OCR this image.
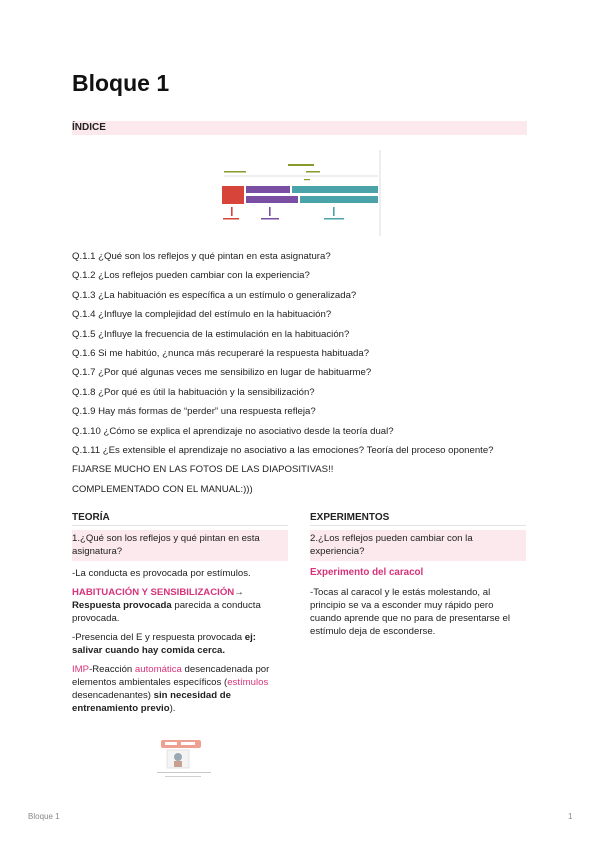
Bloque 1
ÍNDICE
Q.1.1 ¿Qué son los reflejos y qué pintan en esta asignatura?
Q.1.2 ¿Los reflejos pueden cambiar con la experiencia?
Q.1.3 ¿La habituación es específica a un estímulo o generalizada?
Q.1.4 ¿Influye la complejidad del estímulo en la habituación?
Q.1.5 ¿Influye la frecuencia de la estimulación en la habituación?
Q.1.6 Si me habitúo, ¿nunca más recuperaré la respuesta habituada?
Q.1.7 ¿Por qué algunas veces me sensibilizo en lugar de habituarme?
Q.1.8 ¿Por qué es útil la habituación y la sensibilización?
Q.1.9 Hay más formas de “perder” una respuesta refleja?
Q.1.10 ¿Cómo se explica el aprendizaje no asociativo desde la teoría dual?
Q.1.11 ¿Es extensible el aprendizaje no asociativo a las emociones? Teoría del proceso oponente?
FIJARSE MUCHO EN LAS FOTOS DE LAS DIAPOSITIVAS!!
COMPLEMENTADO CON EL MANUAL:)))
TEORÍA
1.¿Qué son los reflejos y qué pintan en esta asignatura?

-La conducta es provocada por estímulos.

HABITUACIÓN Y SENSIBILIZACIÓN→
Respuesta provocada parecida a conducta provocada.

-Presencia del E y respuesta provocada ej: salivar cuando hay comida cerca.

IMP-Reacción automática desencadenada por elementos ambientales específicos (estímulos desencadenantes) sin necesidad de entrenamiento previo).

EXPERIMENTOS
2.¿Los reflejos pueden cambiar con la experiencia?
Experimento del caracol

-Tocas al caracol y le estás molestando, al principio se va a esconder muy rápido pero cuando aprende que no para de presentarse el estímulo deja de esconderse.

Bloque 1	1
